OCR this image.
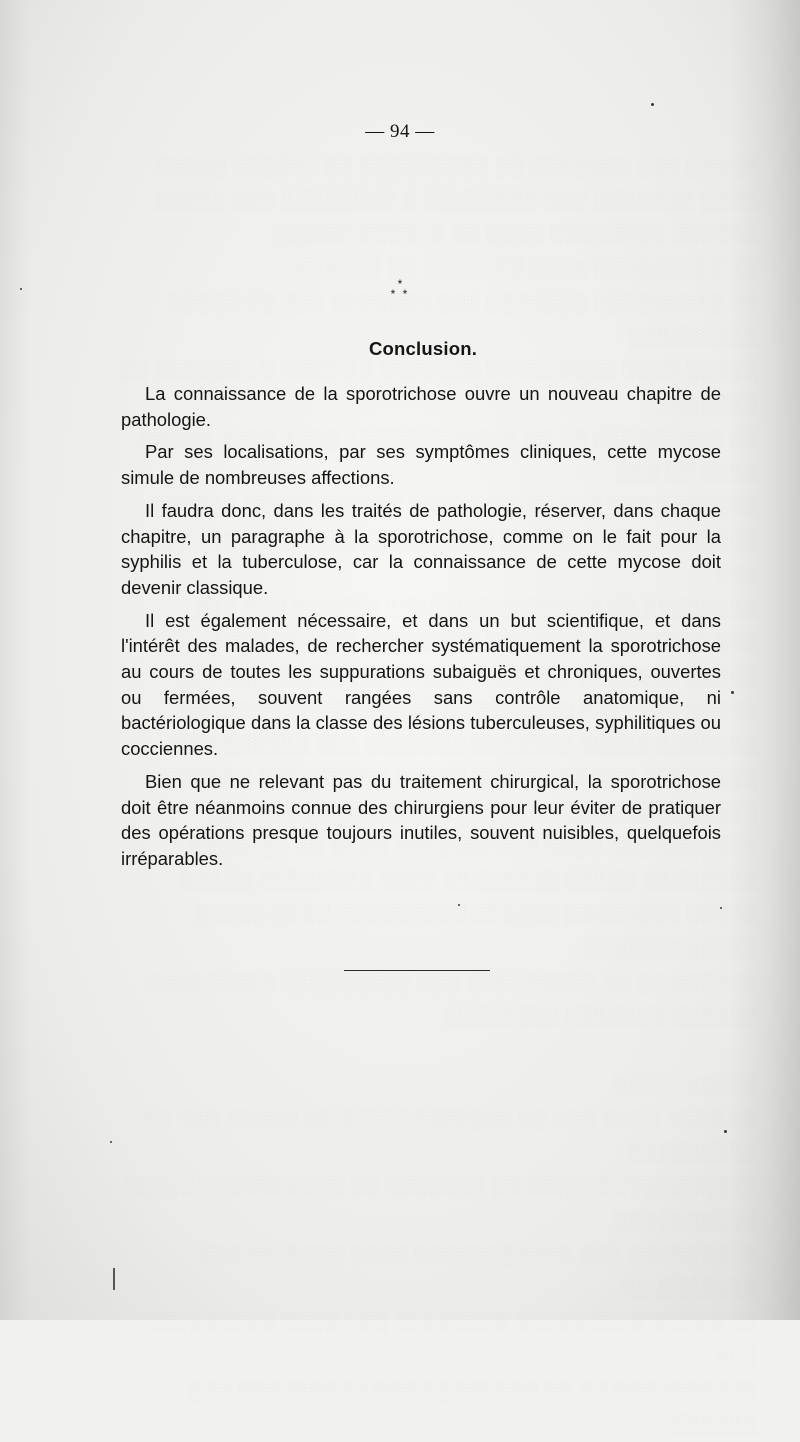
— 94 —
*
* *
Conclusion.

La connaissance de la sporotrichose ouvre un nouveau chapitre de pathologie.

Par ses localisations, par ses symptômes cliniques, cette mycose simule de nombreuses affections.

Il faudra donc, dans les traités de pathologie, réserver, dans chaque chapitre, un paragraphe à la sporotrichose, comme on le fait pour la syphilis et la tuberculose, car la connaissance de cette mycose doit devenir classique.

Il est également nécessaire, et dans un but scientifique, et dans l'intérêt des malades, de rechercher systématiquement la sporotrichose au cours de toutes les suppurations subaiguës et chroniques, ouvertes ou fermées, souvent rangées sans contrôle anatomique, ni bactériologique dans la classe des lésions tuberculeuses, syphilitiques ou cocciennes.

Bien que ne relevant pas du traitement chirurgical, la sporotrichose doit être néanmoins connue des chirurgiens pour leur éviter de pratiquer des opérations presque toujours inutiles, souvent nuisibles, quelquefois irréparables.
